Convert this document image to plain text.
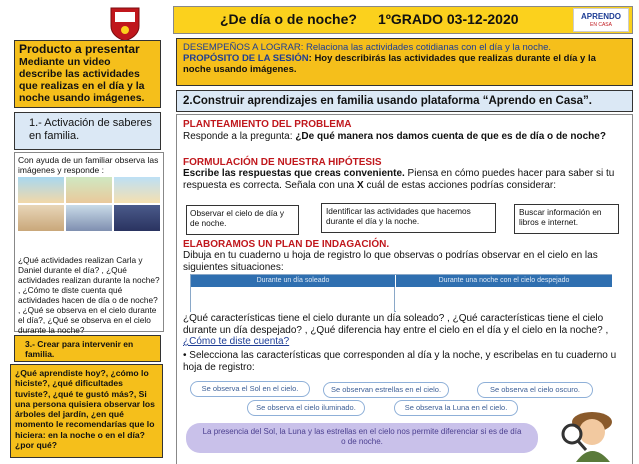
¿De día o de noche? 1ºGRADO 03-12-2020	APRENDO
EN CASA
Producto a presentar
Mediante un video describe las actividades que realizas en el día y la noche usando imágenes.
1.- Activación de saberes en familia.
Con ayuda de un familiar observa las imágenes y responde :
¿Qué actividades realizan Carla y Daniel durante el día? , ¿Qué actividades realizan durante la noche? , ¿Cómo te diste cuenta qué actividades hacen de día o de noche? , ¿Qué se observa en el cielo durante el día?, ¿Qué se observa en el cielo durante la noche?
3.- Crear para intervenir en familia.
¿Qué aprendiste hoy?, ¿cómo lo hiciste?, ¿qué dificultades tuviste?, ¿qué te gustó más?, Si una persona quisiera observar los árboles del jardín, ¿en qué momento le recomendarías que lo hiciera: en la noche o en el día?¿por qué?
DESEMPEÑOS A LOGRAR: Relaciona las actividades cotidianas con el día y la noche.
PROPÓSITO DE LA SESIÓN: Hoy describirás las actividades que realizas durante el día y la noche usando imágenes.
2.Construir aprendizajes en familia usando plataforma “Aprendo en Casa”.
PLANTEAMIENTO DEL PROBLEMA
Responde a la pregunta: ¿De qué manera nos damos cuenta de que es de día o de noche?
FORMULACIÓN DE NUESTRA HIPÓTESIS
Escribe las respuestas que creas conveniente. Piensa en cómo puedes hacer para saber si tu respuesta es correcta. Señala con una X cuál de estas acciones podrías considerar:
Observar el cielo de día y de noche.
Identificar las actividades que hacemos durante el día y la noche.
Buscar información en libros e internet.
ELABORAMOS UN PLAN DE INDAGACIÓN.
Dibuja en tu cuaderno u hoja de registro lo que observas o podrías observar en el cielo en las siguientes situaciones:
Durante un día soleado	Durante una noche con el cielo despejado
¿Qué características tiene el cielo durante un día soleado? , ¿Qué características tiene el cielo durante un día despejado? , ¿Qué diferencia hay entre el cielo en el día y el cielo en la noche? , ¿Cómo te diste cuenta?
• Selecciona las características que corresponden al día y la noche, y escribelas en tu cuaderno u hoja de registro:
Se observa el Sol en el cielo.	Se observan estrellas en el cielo.	Se observa el cielo oscuro.
Se observa el cielo iluminado.	Se observa la Luna en el cielo.
La presencia del Sol, la Luna y las estrellas en el cielo nos permite diferenciar si es de día o de noche.
